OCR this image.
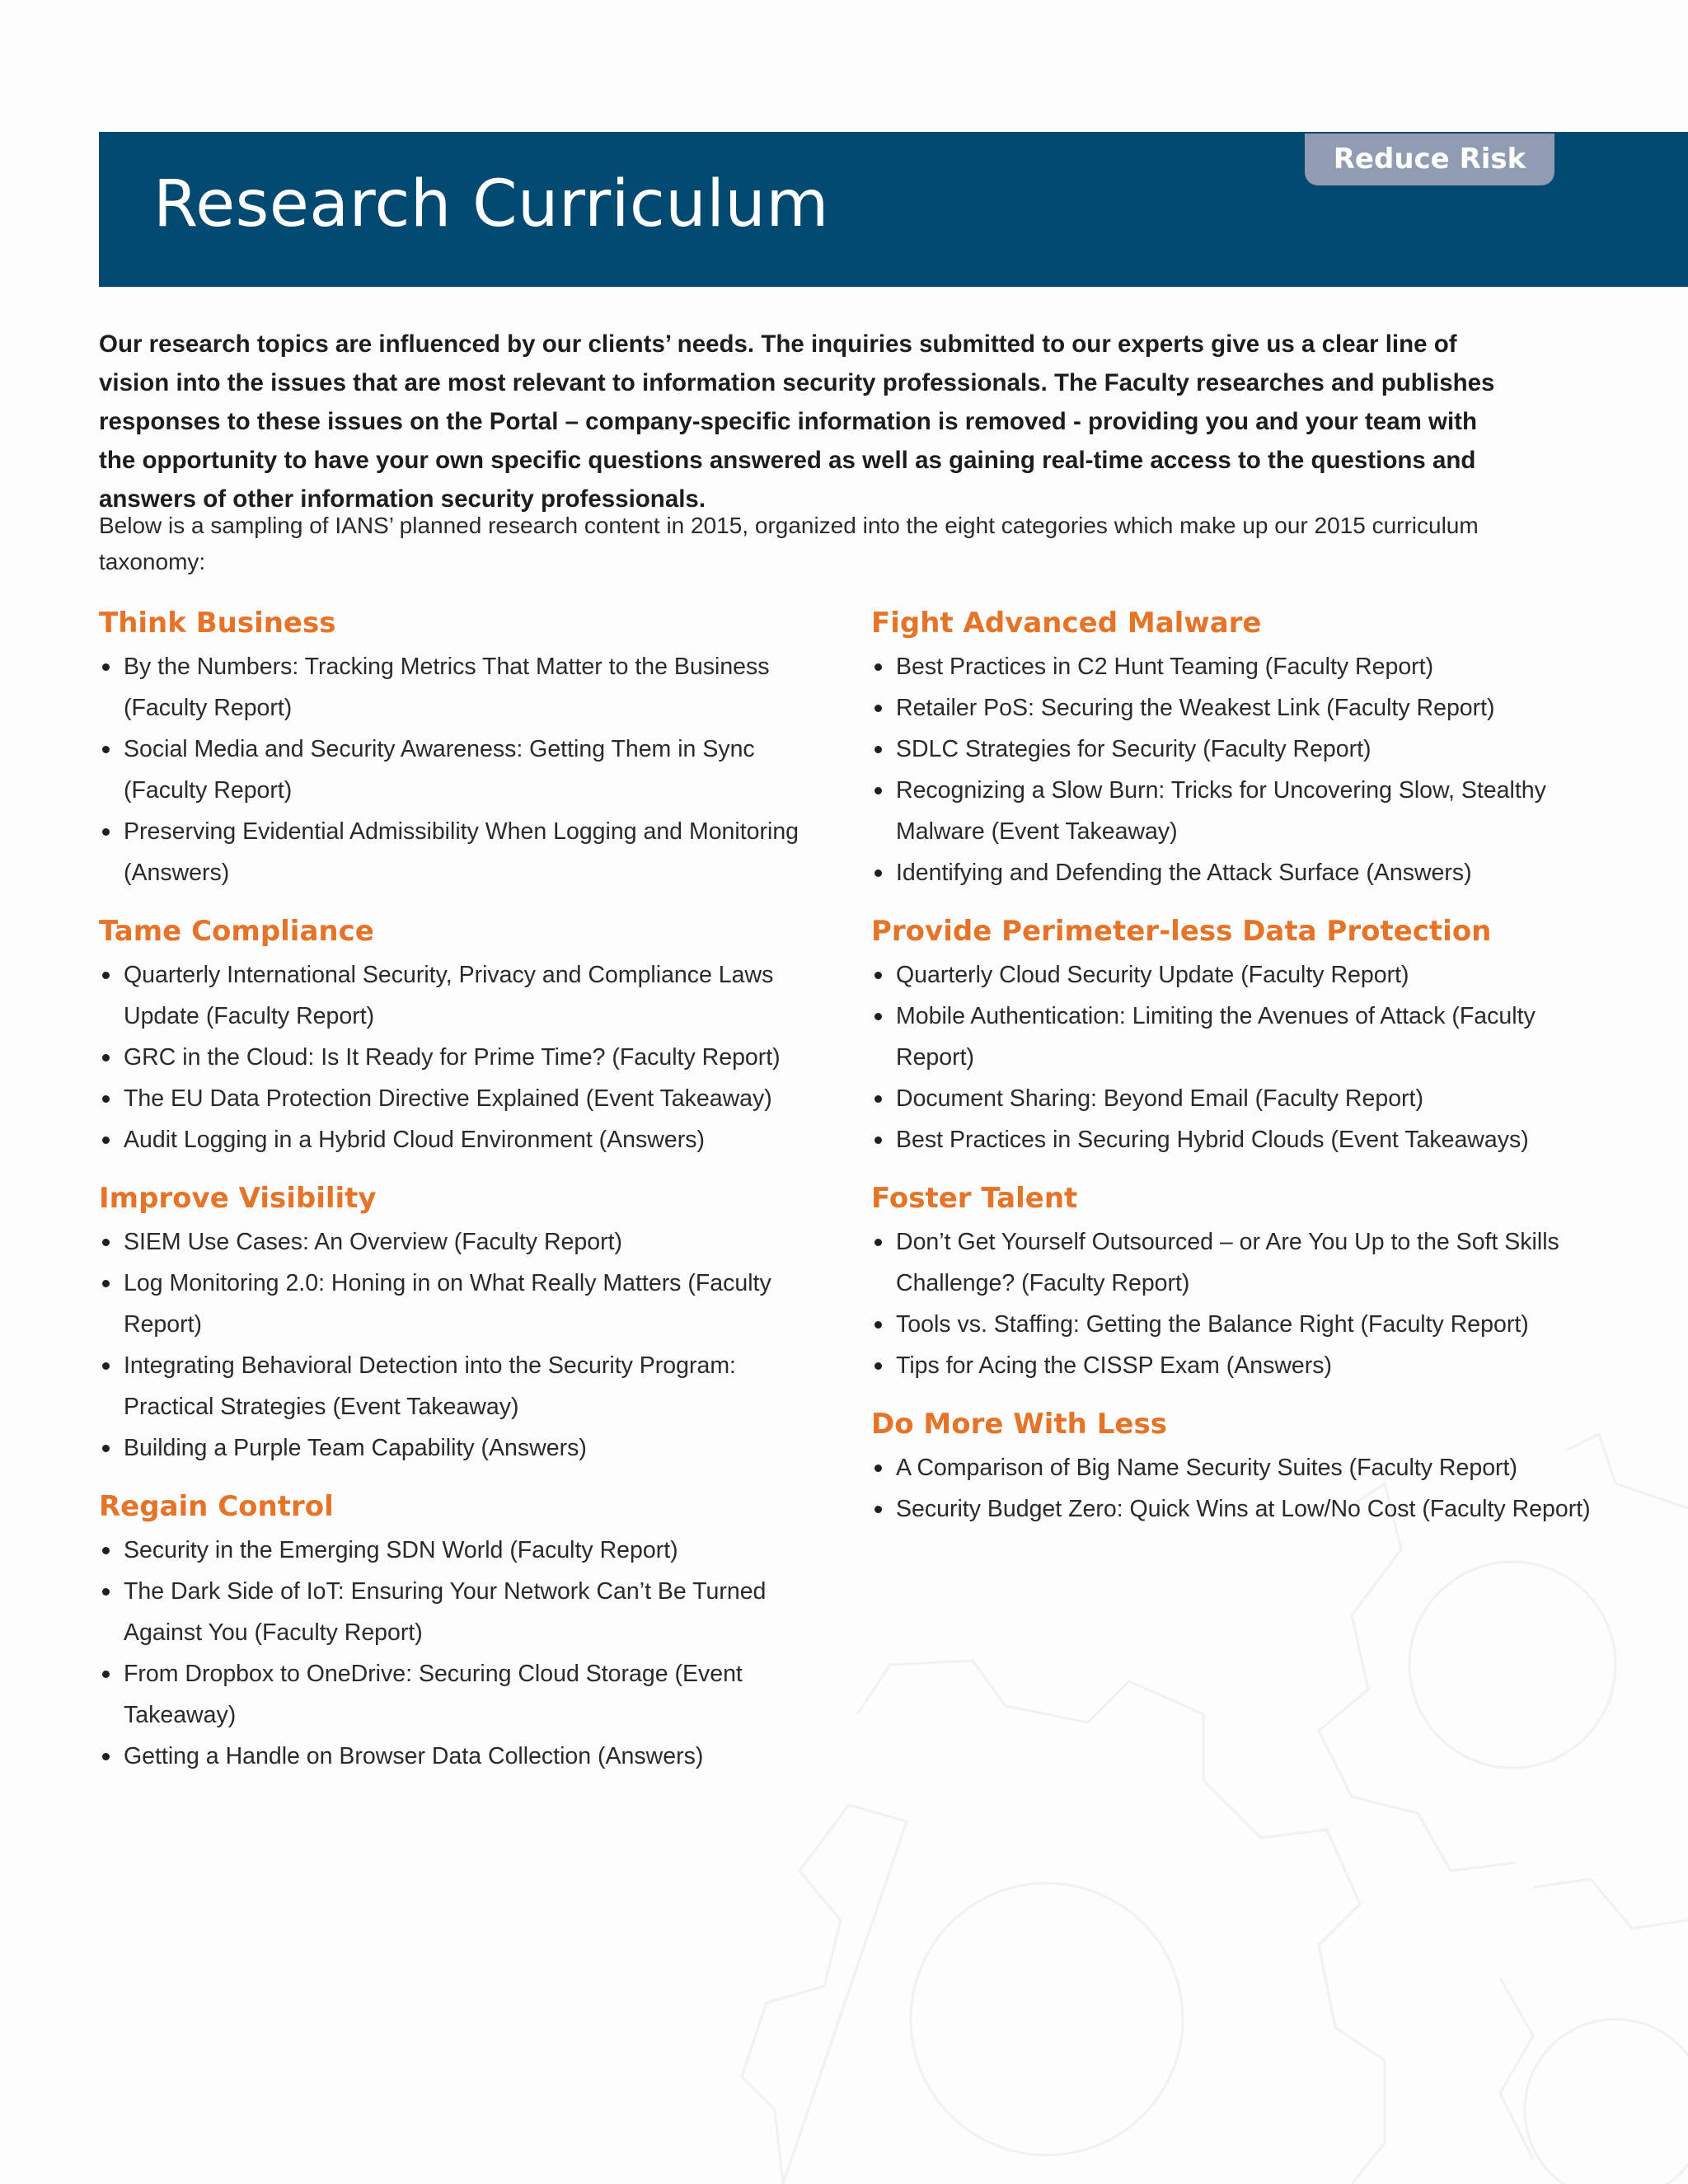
Research Curriculum
Reduce Risk

Our research topics are influenced by our clients’ needs. The inquiries submitted to our experts give us a clear line of vision into the issues that are most relevant to information security professionals. The Faculty researches and publishes responses to these issues on the Portal – company-specific information is removed - providing you and your team with the opportunity to have your own specific questions answered as well as gaining real-time access to the questions and answers of other information security professionals.

Below is a sampling of IANS’ planned research content in 2015, organized into the eight categories which make up our 2015 curriculum taxonomy:

Think Business
By the Numbers: Tracking Metrics That Matter to the Business (Faculty Report)
Social Media and Security Awareness: Getting Them in Sync (Faculty Report)
Preserving Evidential Admissibility When Logging and Monitoring (Answers)
Tame Compliance
Quarterly International Security, Privacy and Compliance Laws Update (Faculty Report)
GRC in the Cloud: Is It Ready for Prime Time? (Faculty Report)
The EU Data Protection Directive Explained (Event Takeaway)
Audit Logging in a Hybrid Cloud Environment (Answers)
Improve Visibility
SIEM Use Cases: An Overview (Faculty Report)
Log Monitoring 2.0: Honing in on What Really Matters (Faculty Report)
Integrating Behavioral Detection into the Security Program: Practical Strategies (Event Takeaway)
Building a Purple Team Capability (Answers)
Regain Control
Security in the Emerging SDN World (Faculty Report)
The Dark Side of IoT: Ensuring Your Network Can’t Be Turned Against You (Faculty Report)
From Dropbox to OneDrive: Securing Cloud Storage (Event Takeaway)
Getting a Handle on Browser Data Collection (Answers)
Fight Advanced Malware
Best Practices in C2 Hunt Teaming (Faculty Report)
Retailer PoS: Securing the Weakest Link (Faculty Report)
SDLC Strategies for Security (Faculty Report)
Recognizing a Slow Burn: Tricks for Uncovering Slow, Stealthy Malware (Event Takeaway)
Identifying and Defending the Attack Surface (Answers)
Provide Perimeter-less Data Protection
Quarterly Cloud Security Update (Faculty Report)
Mobile Authentication: Limiting the Avenues of Attack (Faculty Report)
Document Sharing: Beyond Email (Faculty Report)
Best Practices in Securing Hybrid Clouds (Event Takeaways)
Foster Talent
Don’t Get Yourself Outsourced – or Are You Up to the Soft Skills Challenge? (Faculty Report)
Tools vs. Staffing: Getting the Balance Right (Faculty Report)
Tips for Acing the CISSP Exam (Answers)
Do More With Less
A Comparison of Big Name Security Suites (Faculty Report)
Security Budget Zero: Quick Wins at Low/No Cost (Faculty Report)
